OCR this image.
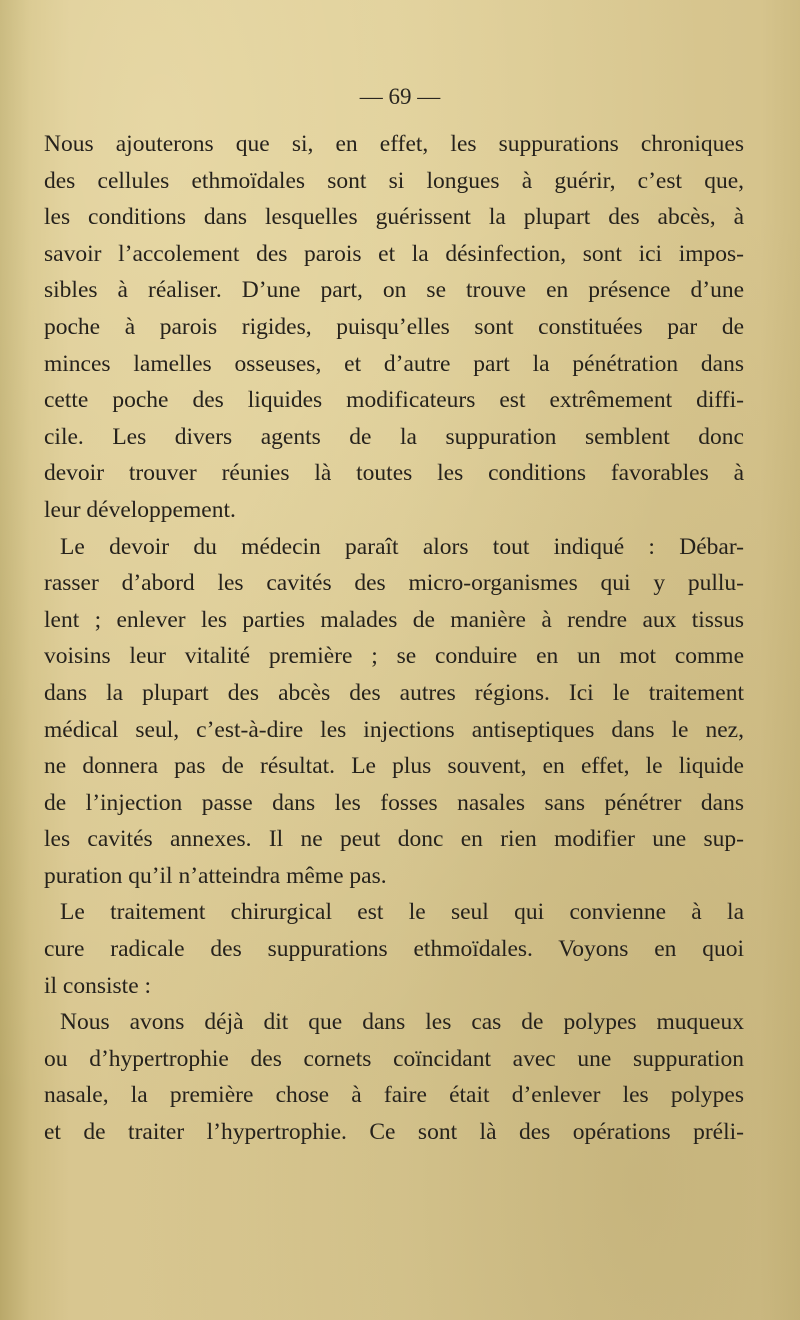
— 69 —
Nous ajouterons que si, en effet, les suppurations chroniques
des cellules ethmoïdales sont si longues à guérir, c’est que,
les conditions dans lesquelles guérissent la plupart des abcès, à
savoir l’accolement des parois et la désinfection, sont ici impos-
sibles à réaliser. D’une part, on se trouve en présence d’une
poche à parois rigides, puisqu’elles sont constituées par de
minces lamelles osseuses, et d’autre part la pénétration dans
cette poche des liquides modificateurs est extrêmement diffi-
cile. Les divers agents de la suppuration semblent donc
devoir trouver réunies là toutes les conditions favorables à
leur développement.
Le devoir du médecin paraît alors tout indiqué : Débar-
rasser d’abord les cavités des micro-organismes qui y pullu-
lent ; enlever les parties malades de manière à rendre aux tissus
voisins leur vitalité première ; se conduire en un mot comme
dans la plupart des abcès des autres régions. Ici le traitement
médical seul, c’est-à-dire les injections antiseptiques dans le nez,
ne donnera pas de résultat. Le plus souvent, en effet, le liquide
de l’injection passe dans les fosses nasales sans pénétrer dans
les cavités annexes. Il ne peut donc en rien modifier une sup-
puration qu’il n’atteindra même pas.
Le traitement chirurgical est le seul qui convienne à la
cure radicale des suppurations ethmoïdales. Voyons en quoi
il consiste :
Nous avons déjà dit que dans les cas de polypes muqueux
ou d’hypertrophie des cornets coïncidant avec une suppuration
nasale, la première chose à faire était d’enlever les polypes
et de traiter l’hypertrophie. Ce sont là des opérations préli-
